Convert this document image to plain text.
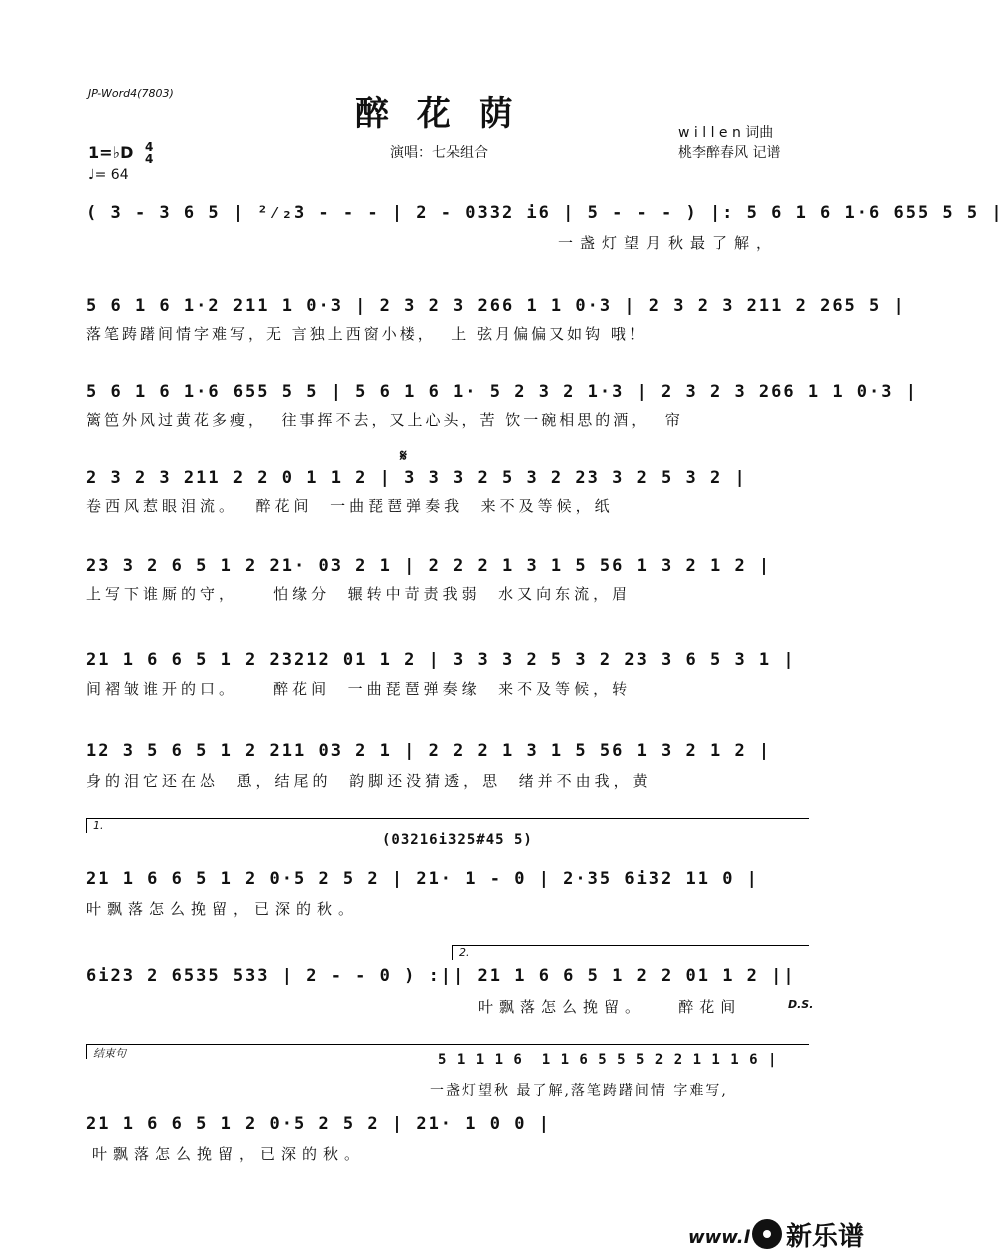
JP-Word4(7803)
醉 花 荫	w i l l e n 词曲
桃李醉春风 记谱
演唱：七朵组合
1=♭D 4
4
♩= 64
( 3 - 3 6 5 | ²⁄₂3 - - - | 2 - 0332 i6 | 5 - - - ) |: 5 6 1 6 1·6 655 5 5 |
一盏灯望月秋最了解，
5 6 1 6 1·2 211 1 0·3 | 2 3 2 3 266 1 1 0·3 | 2 3 2 3 211 2 265 5 |
落笔踌躇间情字难写，无 言独上西窗小楼，  上 弦月偏偏又如钩 哦！
5 6 1 6 1·6 655 5 5 | 5 6 1 6 1· 5 2 3 2 1·3 | 2 3 2 3 266 1 1 0·3 |
篱笆外风过黄花多瘦，  往事挥不去，又上心头，苦 饮一碗相思的酒，  帘
𝄋
2 3 2 3 211 2 2 0 1 1 2 | 3 3 3 2 5 3 2 23 3 2 5 3 2 |
卷西风惹眼泪流。  醉花间  一曲琵琶弹奏我  来不及等候，纸
23 3 2 6 5 1 2 21· 03 2 1 | 2 2 2 1 3 1 5 56 1 3 2 1 2 |
上写下谁厮的守，    怕缘分  辗转中苛责我弱  水又向东流，眉
21 1 6 6 5 1 2 23212 01 1 2 | 3 3 3 2 5 3 2 23 3 6 5 3 1 |
间褶皱谁开的口。    醉花间  一曲琵琶弹奏缘  来不及等候，转
12 3 5 6 5 1 2 211 03 2 1 | 2 2 2 1 3 1 5 56 1 3 2 1 2 |
身的泪它还在怂  恿，结尾的  韵脚还没猜透，思  绪并不由我，黄
1.
(03216i325#45 5)
21 1 6 6 5 1 2 0·5 2 5 2 | 21· 1 - 0 | 2·35 6i32 11 0 |
叶飘落怎么挽留，已深的秋。
2.
6i23 2 6535 533 | 2 - - 0 ) :|| 21 1 6 6 5 1 2 2 01 1 2 ||
叶飘落怎么挽留。   醉花间	D.S.
结束句	5 1 1 1 6  1 1 6 5 5 5 2 2 1 1 1 6 |
一盏灯望秋 最了解,落笔踌躇间情 字难写,
21 1 6 6 5 1 2 0·5 2 5 2 | 21· 1 0 0 |
叶飘落怎么挽留，已深的秋。
www.l 新乐谱
